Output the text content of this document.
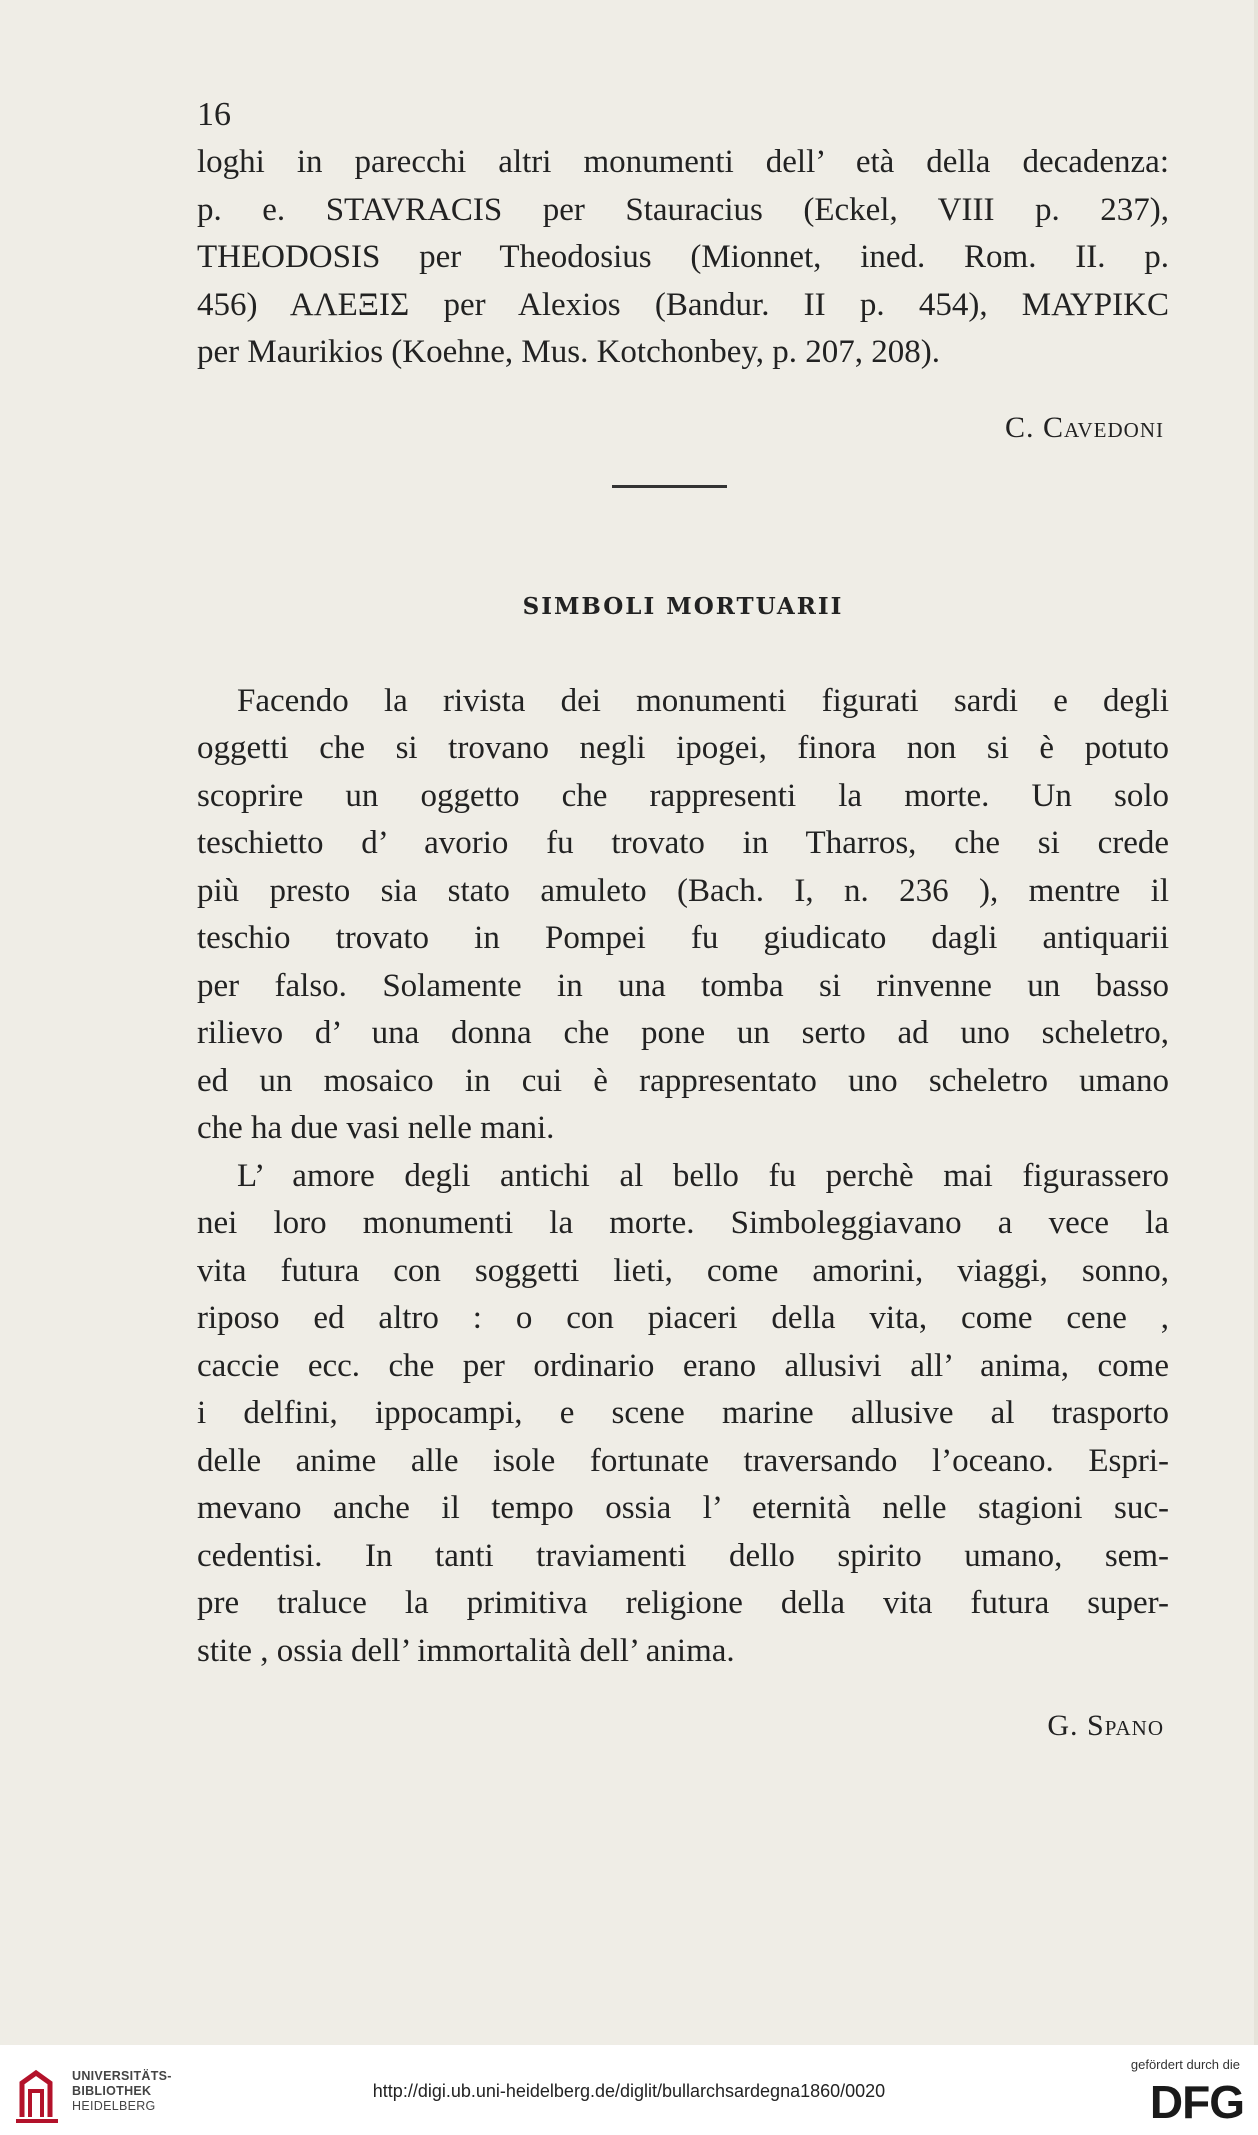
16
loghi in parecchi altri monumenti dell’ età della decadenza:
p. e. STAVRACIS per Stauracius (Eckel, VIII p. 237),
THEODOSIS per Theodosius (Mionnet, ined. Rom. II. p.
456) ΑΛΕΞΙΣ per Alexios (Bandur. II p. 454), ΜΑΥΡΙΚC
per Maurikios (Koehne, Mus. Kotchonbey, p. 207, 208).
C. Cavedoni
SIMBOLI MORTUARII
Facendo la rivista dei monumenti figurati sardi e degli
oggetti che si trovano negli ipogei, finora non si è potuto
scoprire un oggetto che rappresenti la morte. Un solo
teschietto d’ avorio fu trovato in Tharros, che si crede
più presto sia stato amuleto (Bach. I, n. 236 ), mentre il
teschio trovato in Pompei fu giudicato dagli antiquarii
per falso. Solamente in una tomba si rinvenne un basso
rilievo d’ una donna che pone un serto ad uno scheletro,
ed un mosaico in cui è rappresentato uno scheletro umano
che ha due vasi nelle mani.
L’ amore degli antichi al bello fu perchè mai figurassero
nei loro monumenti la morte. Simboleggiavano a vece la
vita futura con soggetti lieti, come amorini, viaggi, sonno,
riposo ed altro : o con piaceri della vita, come cene ,
caccie ecc. che per ordinario erano allusivi all’ anima, come
i delfini, ippocampi, e scene marine allusive al trasporto
delle anime alle isole fortunate traversando l’oceano. Espri-
mevano anche il tempo ossia l’ eternità nelle stagioni suc-
cedentisi. In tanti traviamenti dello spirito umano, sem-
pre traluce la primitiva religione della vita futura super-
stite , ossia dell’ immortalità dell’ anima.
G. Spano
UNIVERSITÄTS-
BIBLIOTHEK
HEIDELBERG
http://digi.ub.uni-heidelberg.de/diglit/bullarchsardegna1860/0020
gefördert durch die
DFG
